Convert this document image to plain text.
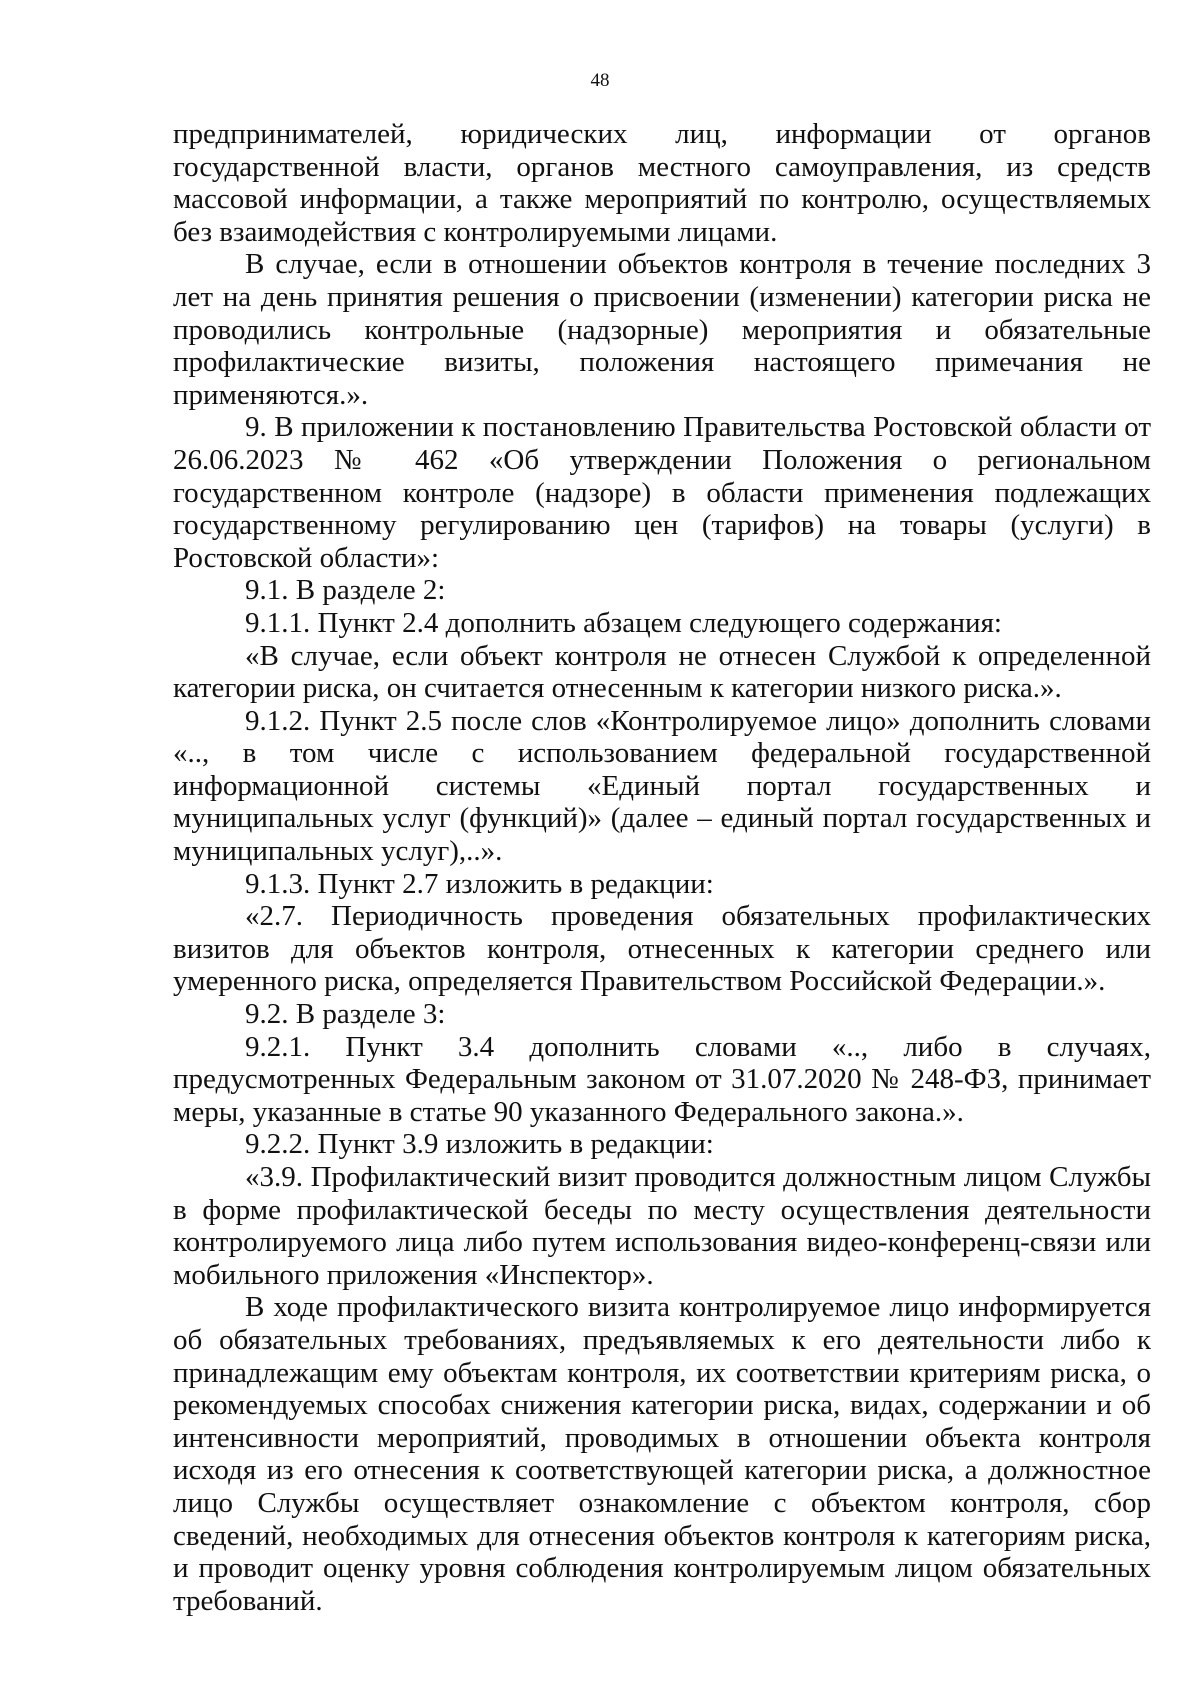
48

предпринимателей, юридических лиц, информации от органов государственной власти, органов местного самоуправления, из средств массовой информации, а также мероприятий по контролю, осуществляемых без взаимодействия с контролируемыми лицами.

В случае, если в отношении объектов контроля в течение последних 3 лет на день принятия решения о присвоении (изменении) категории риска не проводились контрольные (надзорные) мероприятия и обязательные профилактические визиты, положения настоящего примечания не применяются.».

9. В приложении к постановлению Правительства Ростовской области от 26.06.2023 № 462 «Об утверждении Положения о региональном государственном контроле (надзоре) в области применения подлежащих государственному регулированию цен (тарифов) на товары (услуги) в Ростовской области»:

9.1. В разделе 2:

9.1.1. Пункт 2.4 дополнить абзацем следующего содержания:

«В случае, если объект контроля не отнесен Службой к определенной категории риска, он считается отнесенным к категории низкого риска.».

9.1.2. Пункт 2.5 после слов «Контролируемое лицо» дополнить словами «.., в том числе с использованием федеральной государственной информационной системы «Единый портал государственных и муниципальных услуг (функций)» (далее – единый портал государственных и муниципальных услуг),..».

9.1.3. Пункт 2.7 изложить в редакции:

«2.7. Периодичность проведения обязательных профилактических визитов для объектов контроля, отнесенных к категории среднего или умеренного риска, определяется Правительством Российской Федерации.».

9.2. В разделе 3:

9.2.1. Пункт 3.4 дополнить словами «.., либо в случаях, предусмотренных Федеральным законом от 31.07.2020 № 248-ФЗ, принимает меры, указанные в статье 90 указанного Федерального закона.».

9.2.2. Пункт 3.9 изложить в редакции:

«3.9. Профилактический визит проводится должностным лицом Службы в форме профилактической беседы по месту осуществления деятельности контролируемого лица либо путем использования видео-конференц-связи или мобильного приложения «Инспектор».

В ходе профилактического визита контролируемое лицо информируется об обязательных требованиях, предъявляемых к его деятельности либо к принадлежащим ему объектам контроля, их соответствии критериям риска, о рекомендуемых способах снижения категории риска, видах, содержании и об интенсивности мероприятий, проводимых в отношении объекта контроля исходя из его отнесения к соответствующей категории риска, а должностное лицо Службы осуществляет ознакомление с объектом контроля, сбор сведений, необходимых для отнесения объектов контроля к категориям риска, и проводит оценку уровня соблюдения контролируемым лицом обязательных требований.
